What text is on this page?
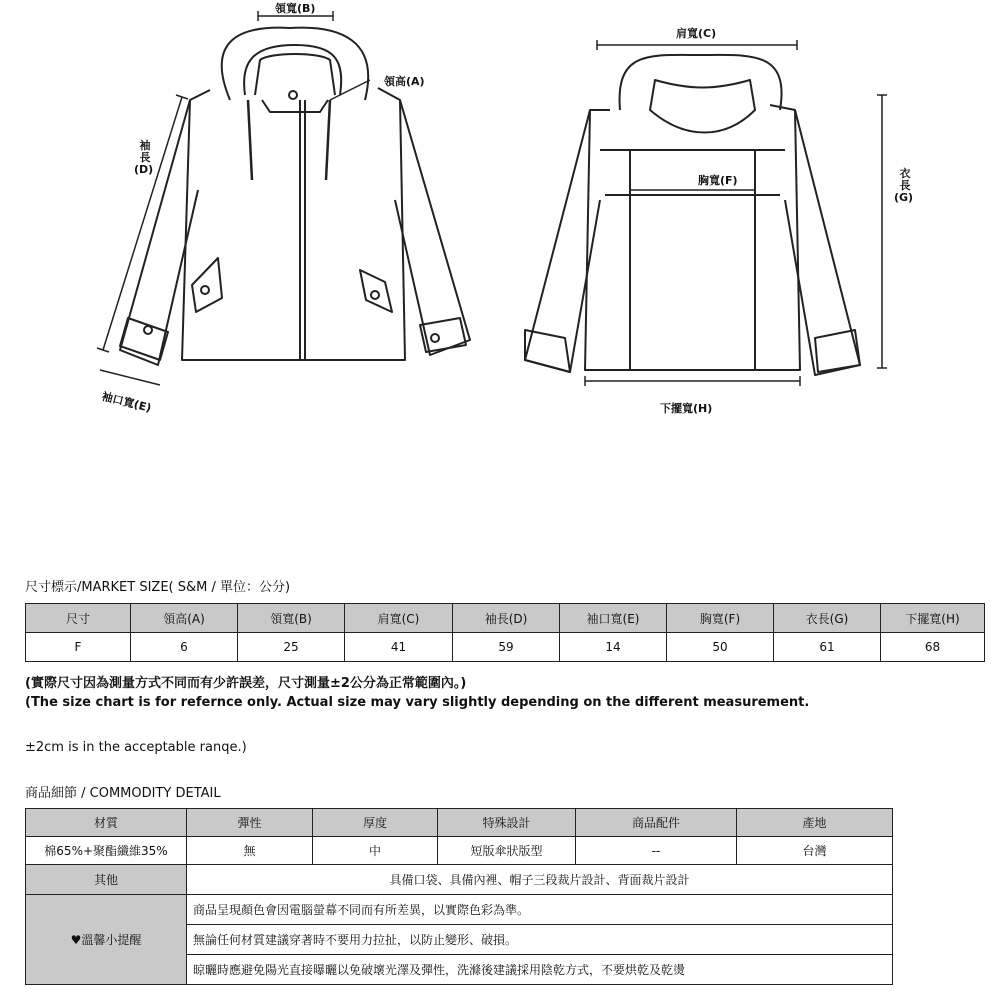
領寬(B)
領高(A)
袖
長
(D)
袖口寬(E)
肩寬(C)
胸寬(F)
衣
長
(G)
下擺寬(H)
尺寸標示/MARKET SIZE( S&M / 單位：公分)
尺寸	領高(A)	領寬(B)	肩寬(C)	袖長(D)	袖口寬(E)	胸寬(F)	衣長(G)	下擺寬(H)
F	6	25	41	59	14	50	61	68
(實際尺寸因為測量方式不同而有少許誤差，尺寸測量±2公分為正常範圍內。)
(The size chart is for refernce only. Actual size may vary slightly depending on the different measurement.
±2cm is in the acceptable ranqe.)
商品細節 / COMMODITY DETAIL
材質	彈性	厚度	特殊設計	商品配件	產地
棉65%+聚酯纖維35%	無	中	短版傘狀版型	--	台灣
其他	具備口袋、具備內裡、帽子三段裁片設計、背面裁片設計				
♥溫馨小提醒	商品呈現顏色會因電腦螢幕不同而有所差異，以實際色彩為準。				
	無論任何材質建議穿著時不要用力拉扯，以防止變形、破損。				
	晾曬時應避免陽光直接曝曬以免破壞光澤及彈性，洗滌後建議採用陰乾方式，不要烘乾及乾燙				
